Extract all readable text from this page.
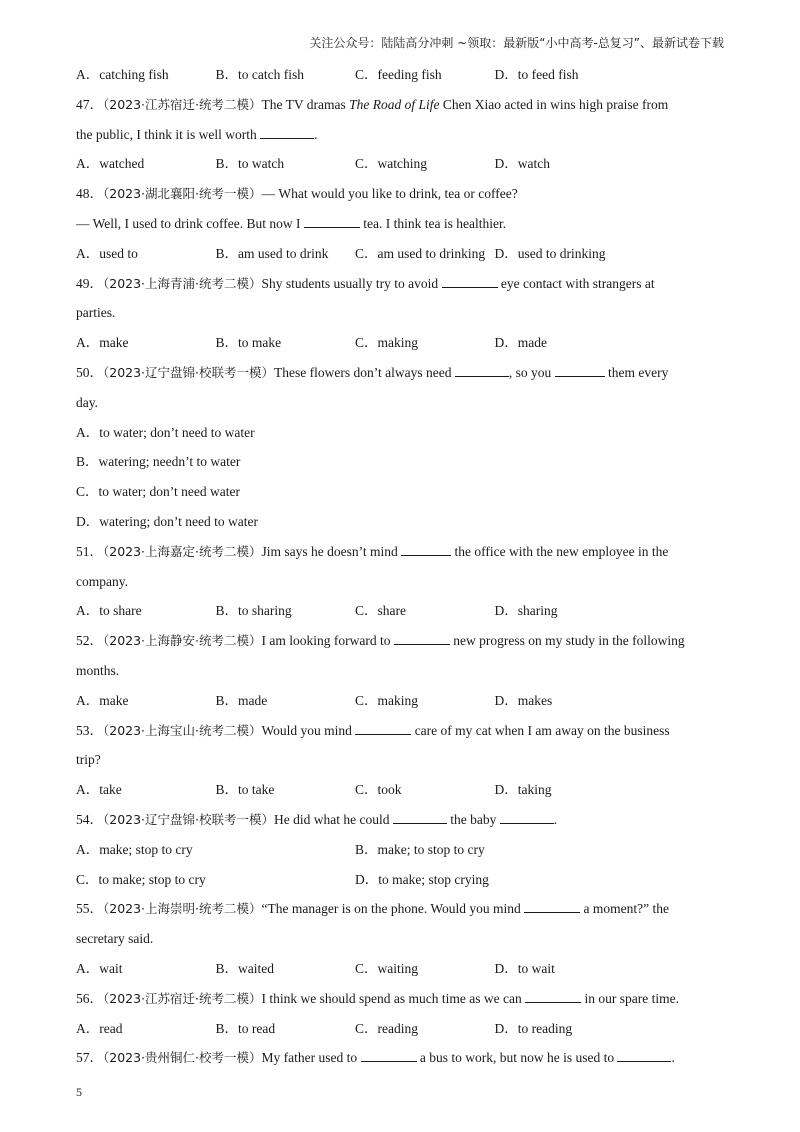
关注公众号：陆陆高分冲刺 ~领取：最新版“小中高考-总复习”、最新试卷下载
A．catching fish	B．to catch fish	C．feeding fish	D．to feed fish
47．（2023·江苏宿迁·统考二模）The TV dramas The Road of Life Chen Xiao acted in wins high praise from
the public, I think it is well worth	.
A．watched	B．to watch	C．watching	D．watch
48．（2023·湖北襄阳·统考一模）— What would you like to drink, tea or coffee?
— Well, I used to drink coffee. But now I	tea. I think tea is healthier.
A．used to	B．am used to drink	C．am used to drinking D．used to drinking
49．（2023·上海青浦·统考二模）Shy students usually try to avoid	eye contact with strangers at
parties.
A．make	B．to make	C．making	D．made
50．（2023·辽宁盘锦·校联考一模）These flowers don’t always need	, so you	them every
day.
A．to water; don’t need to water
B．watering; needn’t to water
C．to water; don’t need water
D．watering; don’t need to water
51．（2023·上海嘉定·统考二模）Jim says he doesn’t mind	the office with the new employee in the
company.
A．to share	B．to sharing	C．share	D．sharing
52．（2023·上海静安·统考二模）I am looking forward to	new progress on my study in the following
months.
A．make	B．made	C．making	D．makes
53．（2023·上海宝山·统考二模）Would you mind	care of my cat when I am away on the business
trip?
A．take	B．to take	C．took	D．taking
54．（2023·辽宁盘锦·校联考一模）He did what he could	the baby	.
A．make; stop to cry	B．make; to stop to cry
C．to make; stop to cry	D．to make; stop crying
55．（2023·上海崇明·统考二模）“The manager is on the phone. Would you mind	a moment?” the
secretary said.
A．wait	B．waited	C．waiting	D．to wait
56．（2023·江苏宿迁·统考二模）I think we should spend as much time as we can	in our spare time.
A．read	B．to read	C．reading	D．to reading
57．（2023·贵州铜仁·校考一模）My father used to	a bus to work, but now he is used to	.
5
